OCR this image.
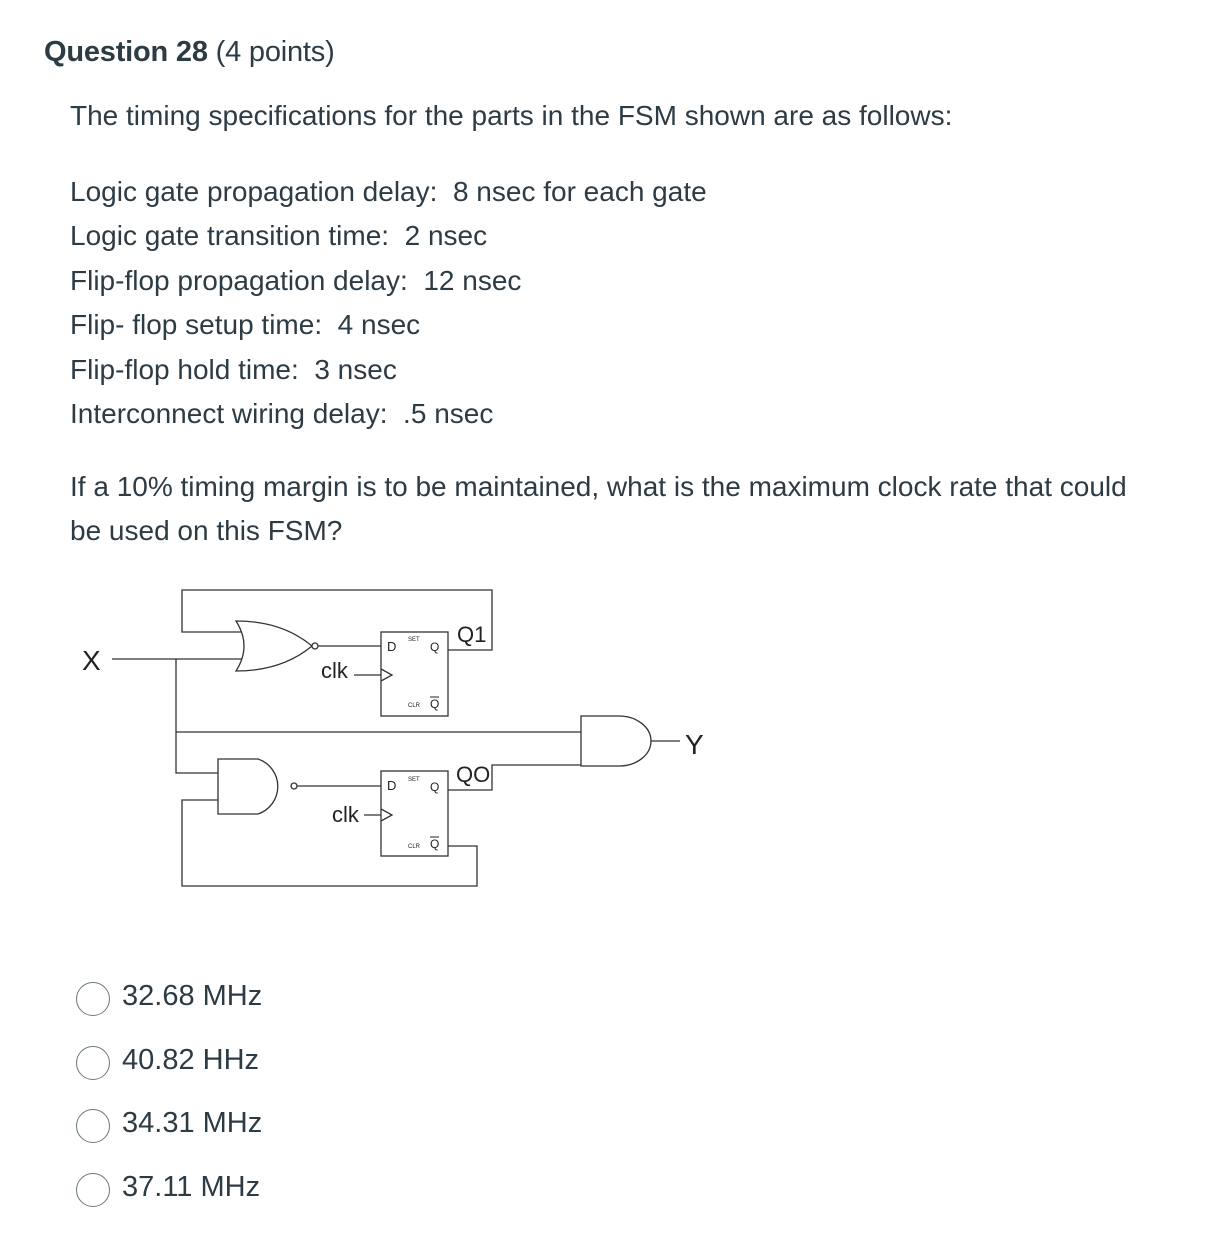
Question 28 (4 points)
The timing specifications for the parts in the FSM shown are as follows:
Logic gate propagation delay:  8 nsec for each gate
Logic gate transition time:  2 nsec
Flip-flop propagation delay:  12 nsec
Flip- flop setup time:  4 nsec
Flip-flop hold time:  3 nsec
Interconnect wiring delay:  .5 nsec
If a 10% timing margin is to be maintained, what is the maximum clock rate that could be used on this FSM?
X
Y
clk
clk
Q1
QO
D SET Q
CLR Q
D SET Q
CLR Q
32.68 MHz
40.82 HHz
34.31 MHz
37.11 MHz
